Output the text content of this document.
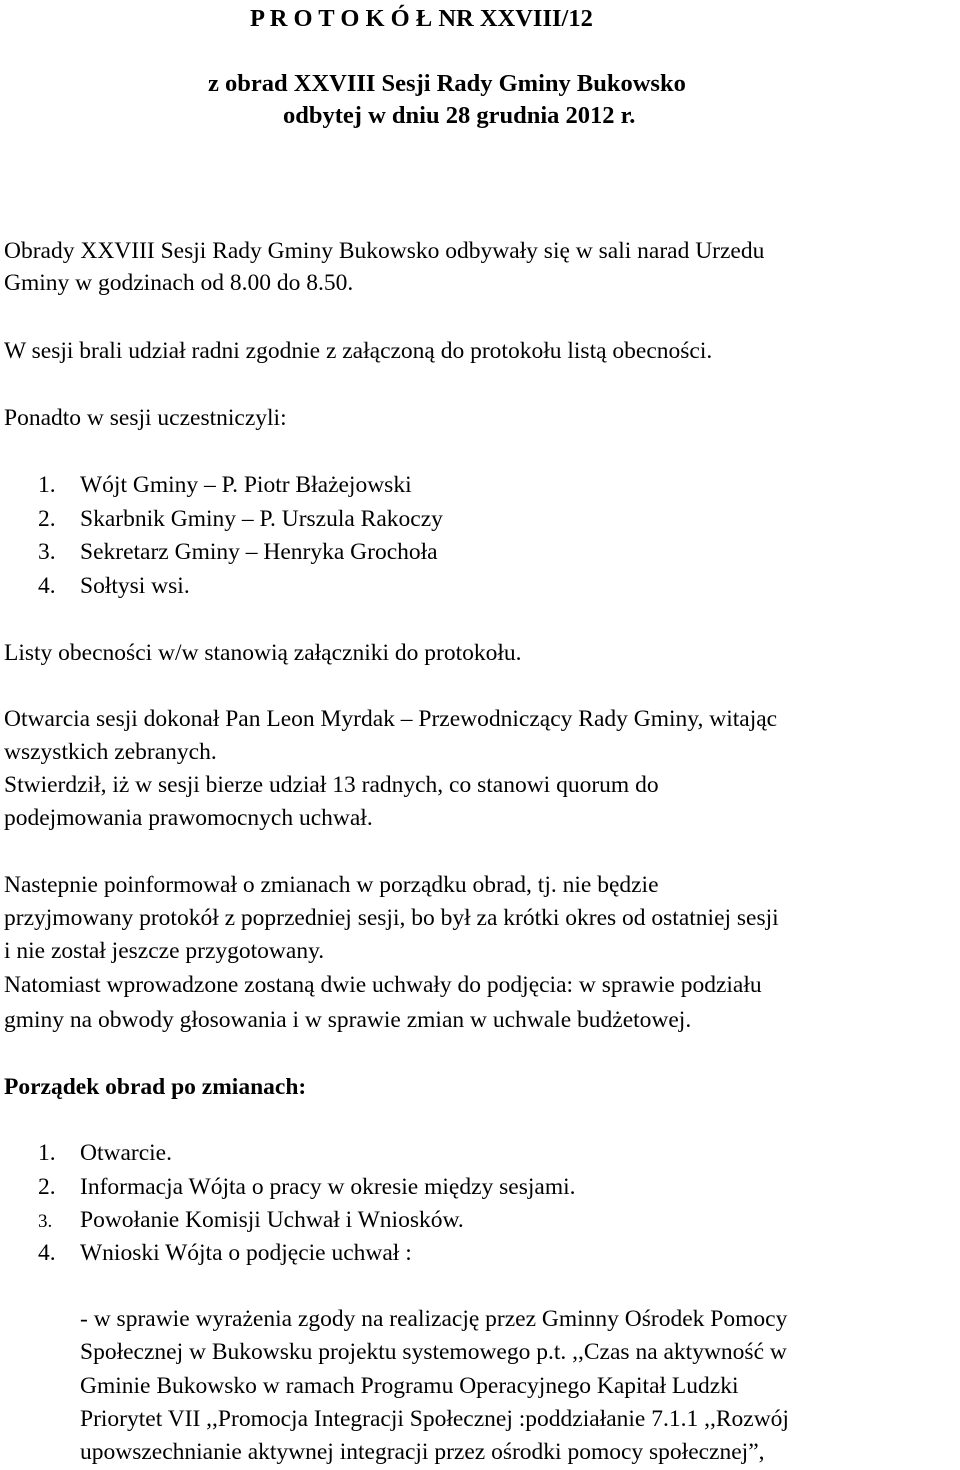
P R O T O K Ó Ł NR XXVIII/12
z obrad XXVIII Sesji Rady Gminy Bukowsko
odbytej w dniu 28 grudnia 2012 r.
Obrady XXVIII Sesji Rady Gminy Bukowsko odbywały się w sali narad Urzedu
Gminy w godzinach od 8.00 do 8.50.
W sesji brali udział radni zgodnie z załączoną do protokołu listą obecności.
Ponadto w sesji uczestniczyli:
1. Wójt Gminy – P. Piotr Błażejowski
2. Skarbnik Gminy – P. Urszula Rakoczy
3. Sekretarz Gminy – Henryka Grochoła
4. Sołtysi wsi.
Listy obecności w/w stanowią załączniki do protokołu.
Otwarcia sesji dokonał Pan Leon Myrdak – Przewodniczący Rady Gminy, witając
wszystkich zebranych.
Stwierdził, iż w sesji bierze udział 13 radnych, co stanowi quorum do
podejmowania prawomocnych uchwał.
Nastepnie poinformował o zmianach w porządku obrad, tj. nie będzie
przyjmowany protokół z poprzedniej sesji, bo był za krótki okres od ostatniej sesji
i nie został jeszcze przygotowany.
Natomiast wprowadzone zostaną dwie uchwały do podjęcia: w sprawie podziału
gminy na obwody głosowania i w sprawie zmian w uchwale budżetowej.
Porządek obrad po zmianach:
1. Otwarcie.
2. Informacja Wójta o pracy w okresie między sesjami.
3. Powołanie Komisji Uchwał i Wniosków.
4. Wnioski Wójta o podjęcie uchwał :
- w sprawie wyrażenia zgody na realizację przez Gminny Ośrodek Pomocy
Społecznej w Bukowsku projektu systemowego p.t. ,,Czas na aktywność w
Gminie Bukowsko w ramach Programu Operacyjnego Kapitał Ludzki
Priorytet VII ,,Promocja Integracji Społecznej :poddziałanie 7.1.1 ,,Rozwój
upowszechnianie aktywnej integracji przez ośrodki pomocy społecznej”,
